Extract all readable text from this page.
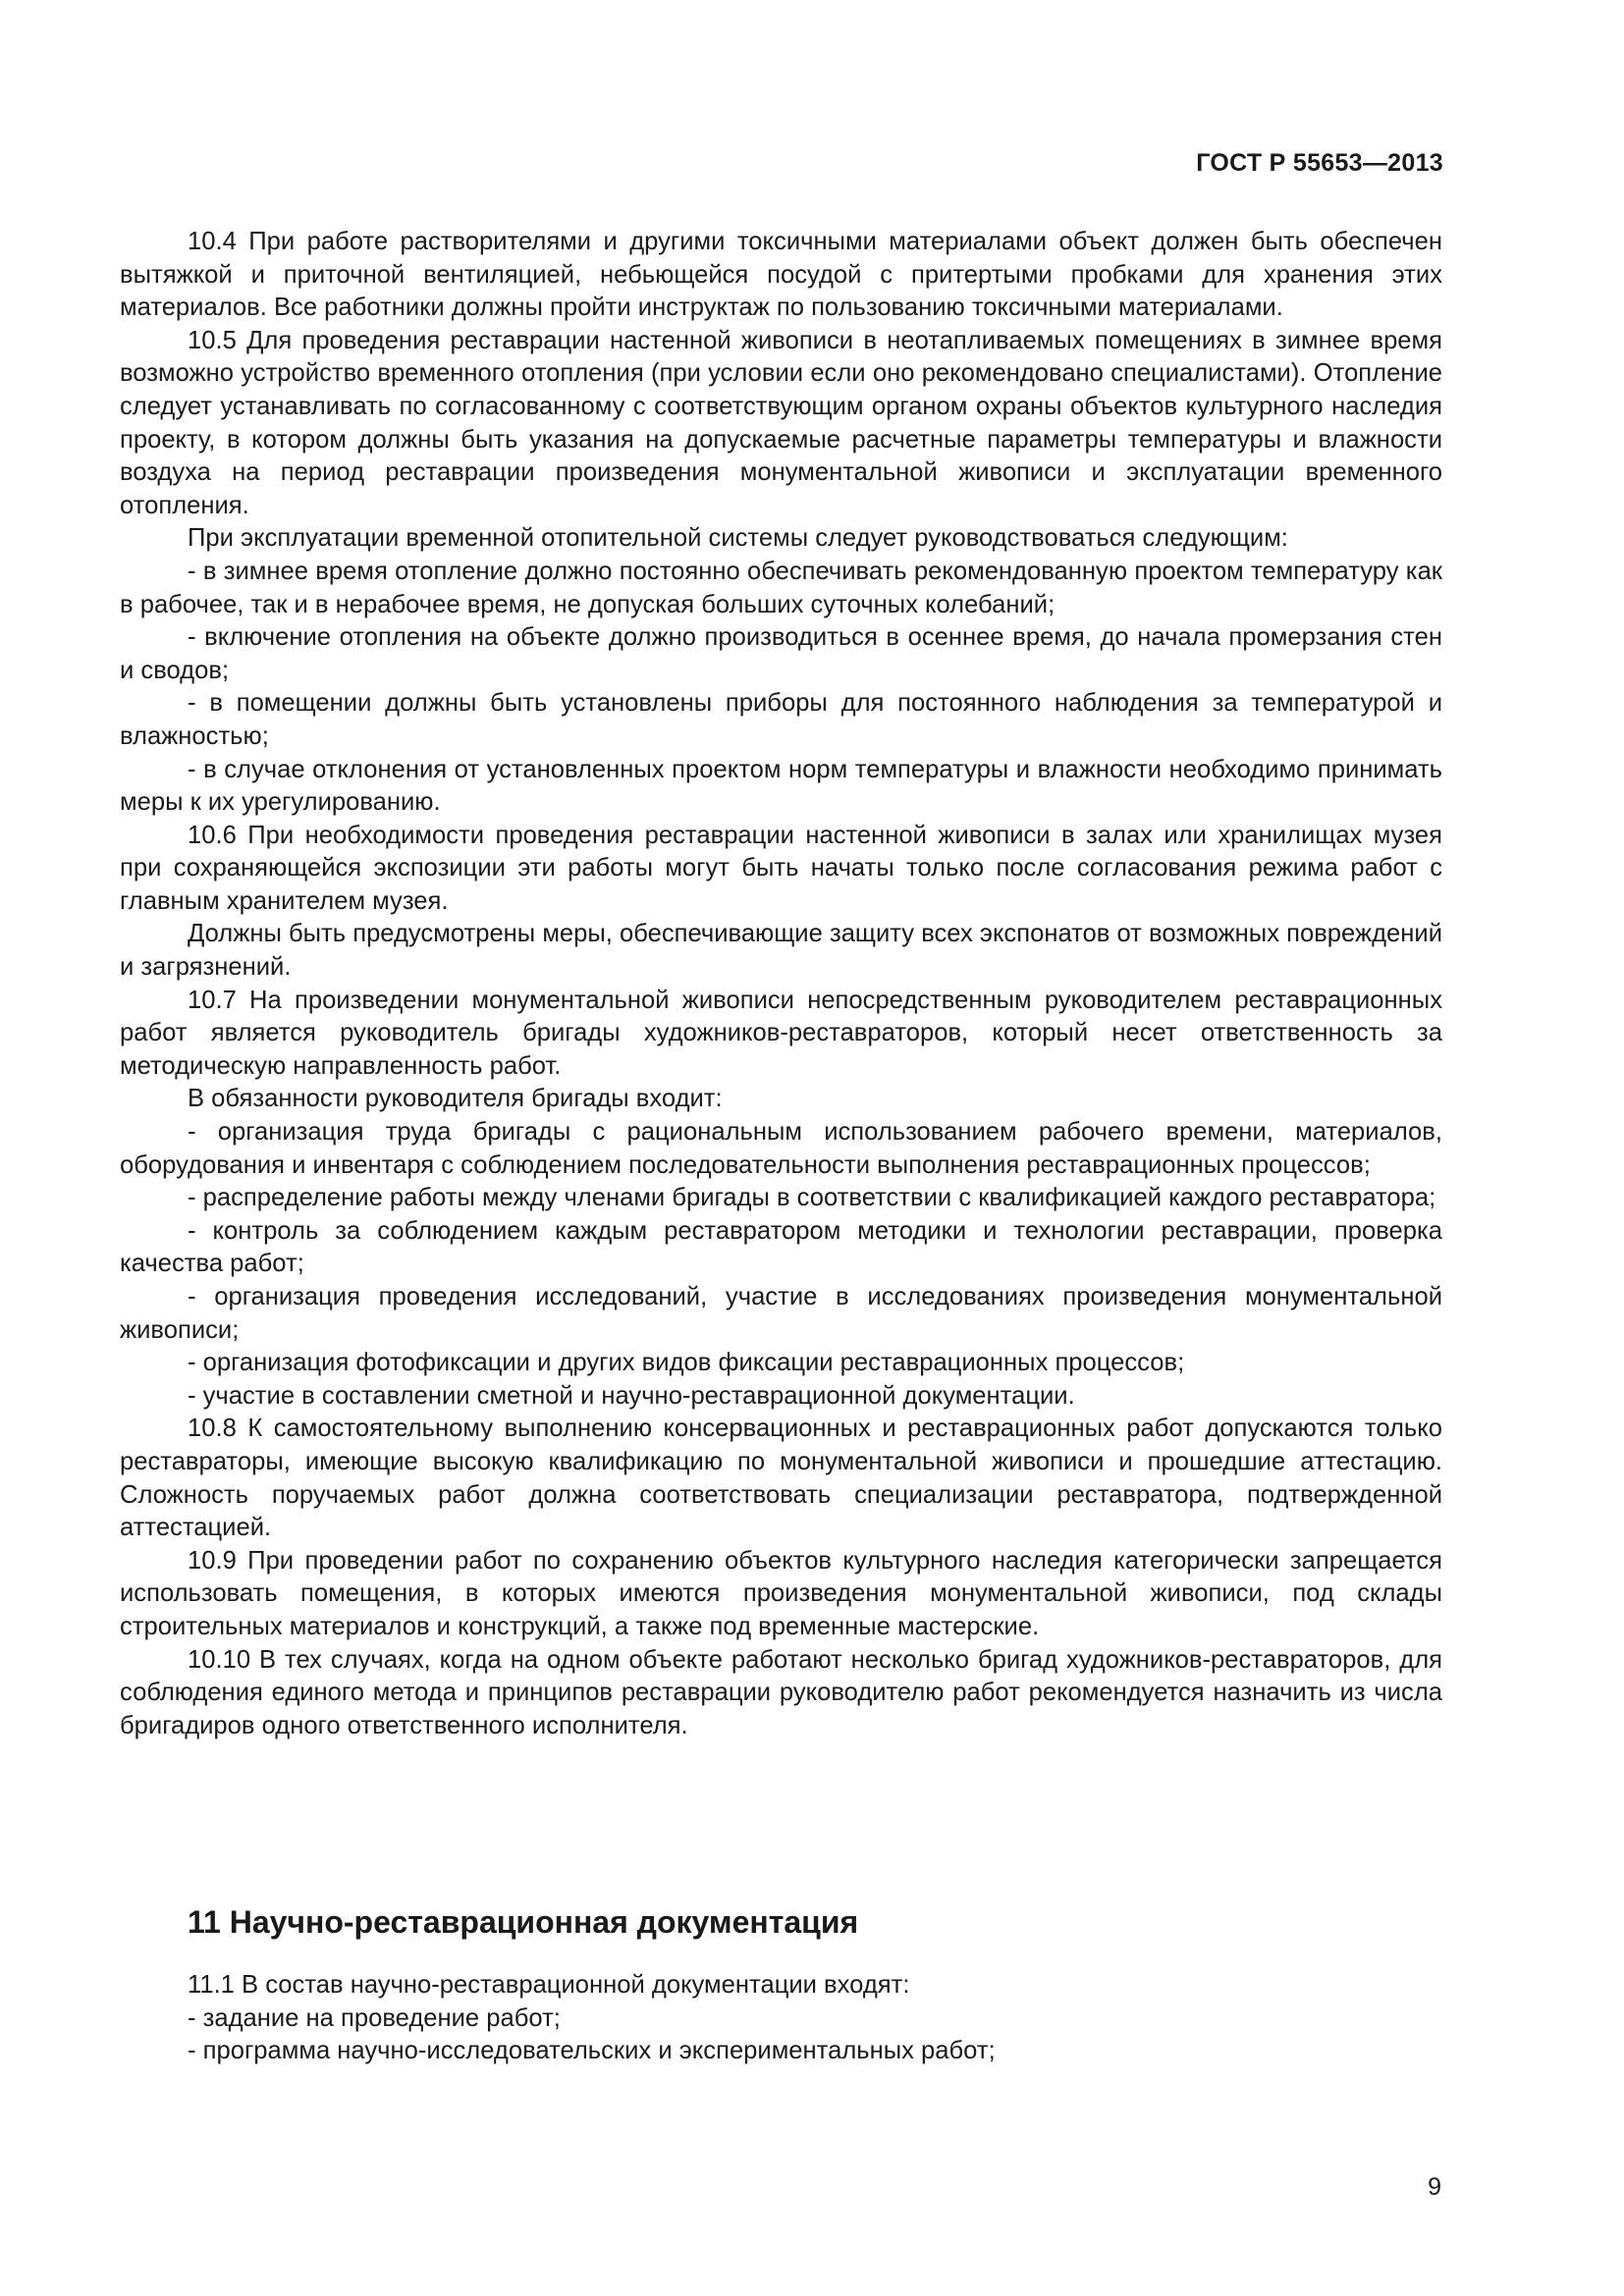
ГОСТ Р 55653—2013

10.4 При работе растворителями и другими токсичными материалами объект должен быть обеспечен вытяжкой и приточной вентиляцией, небьющейся посудой с притертыми пробками для хранения этих материалов. Все работники должны пройти инструктаж по пользованию токсичными материалами.

10.5 Для проведения реставрации настенной живописи в неотапливаемых помещениях в зимнее время возможно устройство временного отопления (при условии если оно рекомендовано специалистами). Отопление следует устанавливать по согласованному с соответствующим органом охраны объектов культурного наследия проекту, в котором должны быть указания на допускаемые расчетные параметры температуры и влажности воздуха на период реставрации произведения монументальной живописи и эксплуатации временного отопления.

При эксплуатации временной отопительной системы следует руководствоваться следующим:

- в зимнее время отопление должно постоянно обеспечивать рекомендованную проектом температуру как в рабочее, так и в нерабочее время, не допуская больших суточных колебаний;

- включение отопления на объекте должно производиться в осеннее время, до начала промерзания стен и сводов;

- в помещении должны быть установлены приборы для постоянного наблюдения за температурой и влажностью;

- в случае отклонения от установленных проектом норм температуры и влажности необходимо принимать меры к их урегулированию.

10.6 При необходимости проведения реставрации настенной живописи в залах или хранилищах музея при сохраняющейся экспозиции эти работы могут быть начаты только после согласования режима работ с главным хранителем музея.

Должны быть предусмотрены меры, обеспечивающие защиту всех экспонатов от возможных повреждений и загрязнений.

10.7 На произведении монументальной живописи непосредственным руководителем реставрационных работ является руководитель бригады художников-реставраторов, который несет ответственность за методическую направленность работ.

В обязанности руководителя бригады входит:

- организация труда бригады с рациональным использованием рабочего времени, материалов, оборудования и инвентаря с соблюдением последовательности выполнения реставрационных процессов;

- распределение работы между членами бригады в соответствии с квалификацией каждого реставратора;

- контроль за соблюдением каждым реставратором методики и технологии реставрации, проверка качества работ;

- организация проведения исследований, участие в исследованиях произведения монументальной живописи;

- организация фотофиксации и других видов фиксации реставрационных процессов;

- участие в составлении сметной и научно-реставрационной документации.

10.8 К самостоятельному выполнению консервационных и реставрационных работ допускаются только реставраторы, имеющие высокую квалификацию по монументальной живописи и прошедшие аттестацию. Сложность поручаемых работ должна соответствовать специализации реставратора, подтвержденной аттестацией.

10.9 При проведении работ по сохранению объектов культурного наследия категорически запрещается использовать помещения, в которых имеются произведения монументальной живописи, под склады строительных материалов и конструкций, а также под временные мастерские.

10.10 В тех случаях, когда на одном объекте работают несколько бригад художников-реставраторов, для соблюдения единого метода и принципов реставрации руководителю работ рекомендуется назначить из числа бригадиров одного ответственного исполнителя.

11 Научно-реставрационная документация

11.1 В состав научно-реставрационной документации входят:

- задание на проведение работ;

- программа научно-исследовательских и экспериментальных работ;

9
